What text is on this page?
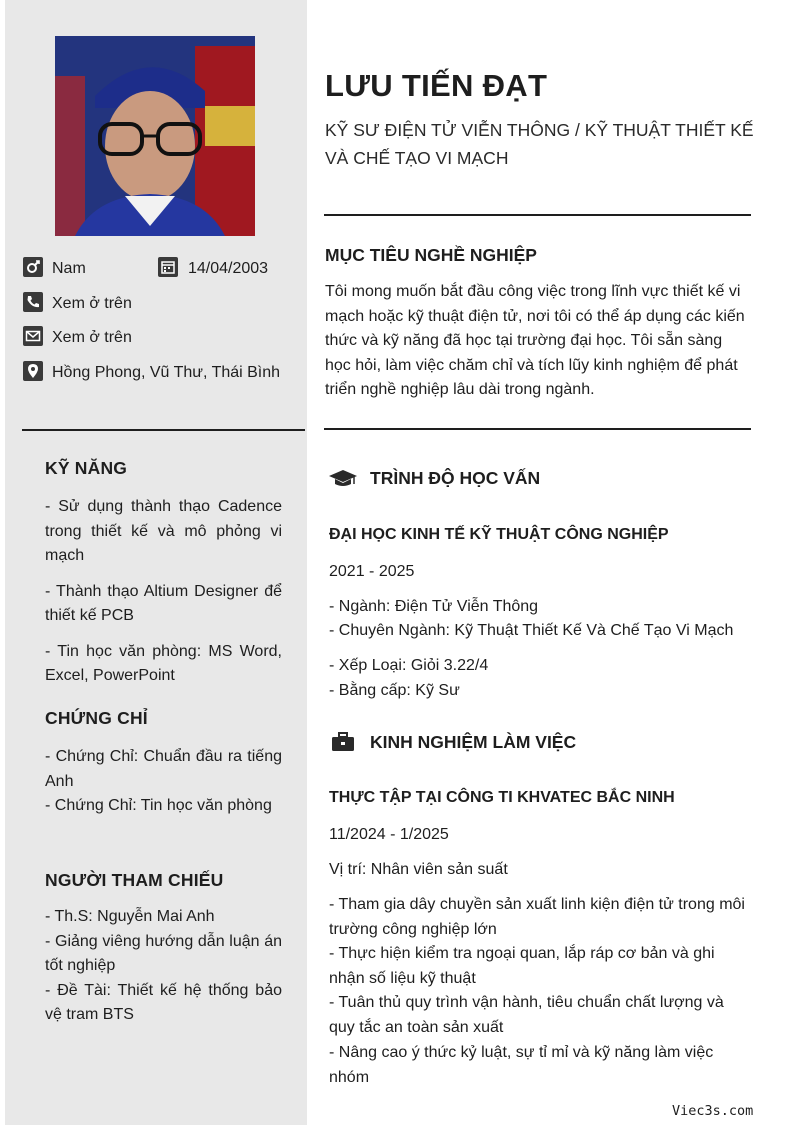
Nam	14/04/2003
Xem ở trên
Xem ở trên
Hồng Phong, Vũ Thư, Thái Bình
KỸ NĂNG
- Sử dụng thành thạo Cadence trong thiết kế và mô phỏng vi mạch
- Thành thạo Altium Designer để thiết kế PCB
- Tin học văn phòng: MS Word, Excel, PowerPoint
CHỨNG CHỈ
- Chứng Chỉ: Chuẩn đầu ra tiếng Anh
- Chứng Chỉ: Tin học văn phòng
NGƯỜI THAM CHIẾU
- Th.S: Nguyễn Mai Anh
- Giảng viêng hướng dẫn luận án tốt nghiệp
- Đề Tài: Thiết kế hệ thống bảo vệ tram BTS
LƯU TIẾN ĐẠT
KỸ SƯ ĐIỆN TỬ VIỄN THÔNG / KỸ THUẬT THIẾT KẾ VÀ CHẾ TẠO VI MẠCH
MỤC TIÊU NGHỀ NGHIỆP
Tôi mong muốn bắt đầu công việc trong lĩnh vực thiết kế vi mạch hoặc kỹ thuật điện tử, nơi tôi có thể áp dụng các kiến thức và kỹ năng đã học tại trường đại học. Tôi sẵn sàng học hỏi, làm việc chăm chỉ và tích lũy kinh nghiệm để phát triển nghề nghiệp lâu dài trong ngành.
TRÌNH ĐỘ HỌC VẤN
ĐẠI HỌC KINH TẾ KỸ THUẬT CÔNG NGHIỆP
2021 - 2025
- Ngành: Điện Tử Viễn Thông
- Chuyên Ngành: Kỹ Thuật Thiết Kế Và Chế Tạo Vi Mạch
- Xếp Loại: Giỏi 3.22/4
- Bằng cấp: Kỹ Sư
KINH NGHIỆM LÀM VIỆC
THỰC TẬP TẠI CÔNG TI KHVATEC BẮC NINH
11/2024 - 1/2025
Vị trí: Nhân viên sản suất
- Tham gia dây chuyền sản xuất linh kiện điện tử trong môi trường công nghiệp lớn
- Thực hiện kiểm tra ngoại quan, lắp ráp cơ bản và ghi nhận số liệu kỹ thuật
- Tuân thủ quy trình vận hành, tiêu chuẩn chất lượng và quy tắc an toàn sản xuất
- Nâng cao ý thức kỷ luật, sự tỉ mỉ và kỹ năng làm việc nhóm
Viec3s.com
